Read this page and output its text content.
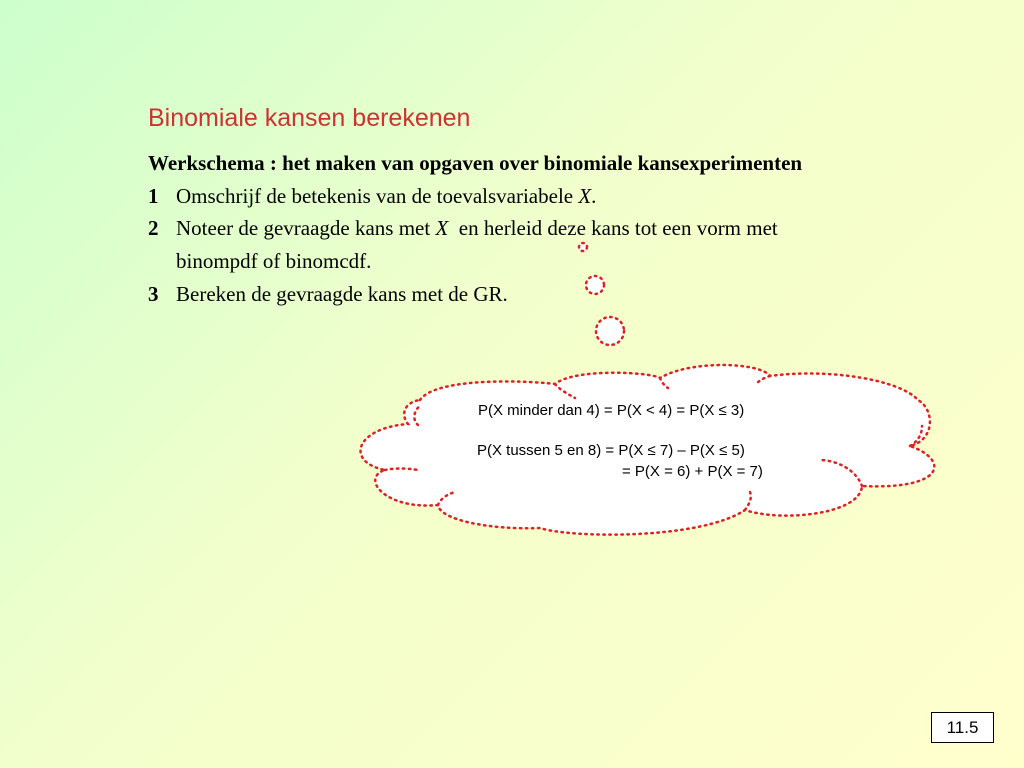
Binomiale kansen berekenen
Werkschema : het maken van opgaven over binomiale kansexperimenten
1 Omschrijf de betekenis van de toevalsvariabele X.
2 Noteer de gevraagde kans met X  en herleid deze kans tot een vorm met
binompdf of binomcdf.
3 Bereken de gevraagde kans met de GR.
P(X minder dan 4) = P(X < 4) = P(X ≤ 3)
P(X tussen 5 en 8) = P(X ≤ 7) – P(X ≤ 5)
= P(X = 6) + P(X = 7)
11.5
